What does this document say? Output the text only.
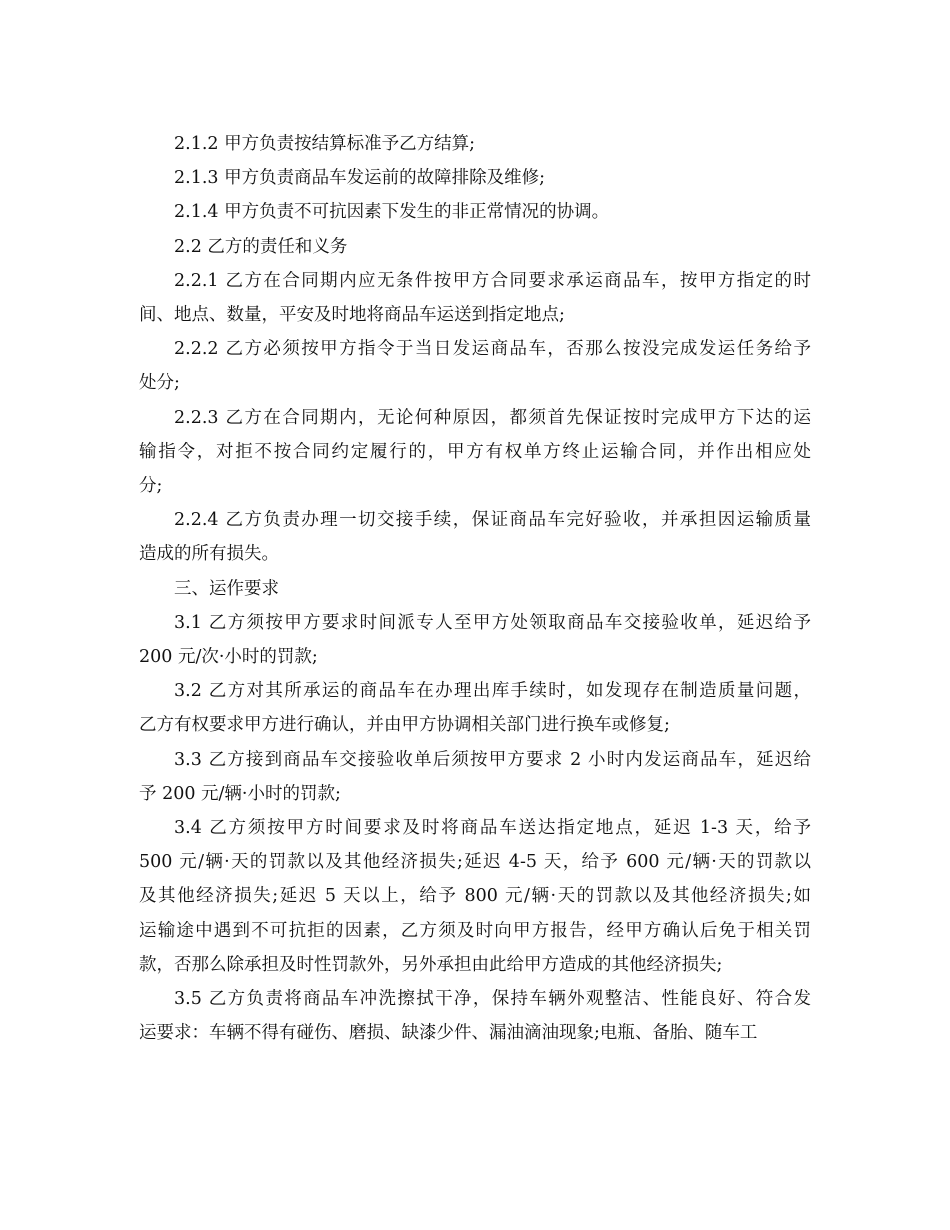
2.1.2 甲方负责按结算标准予乙方结算;
2.1.3 甲方负责商品车发运前的故障排除及维修;
2.1.4 甲方负责不可抗因素下发生的非正常情况的协调。
2.2 乙方的责任和义务
2.2.1 乙方在合同期内应无条件按甲方合同要求承运商品车，按甲方指定的时
间、地点、数量，平安及时地将商品车运送到指定地点;
2.2.2 乙方必须按甲方指令于当日发运商品车，否那么按没完成发运任务给予
处分;
2.2.3 乙方在合同期内，无论何种原因，都须首先保证按时完成甲方下达的运
输指令，对拒不按合同约定履行的，甲方有权单方终止运输合同，并作出相应处
分;
2.2.4 乙方负责办理一切交接手续，保证商品车完好验收，并承担因运输质量
造成的所有损失。
三、运作要求
3.1 乙方须按甲方要求时间派专人至甲方处领取商品车交接验收单，延迟给予
200 元/次·小时的罚款;
3.2 乙方对其所承运的商品车在办理出库手续时，如发现存在制造质量问题，
乙方有权要求甲方进行确认，并由甲方协调相关部门进行换车或修复;
3.3 乙方接到商品车交接验收单后须按甲方要求 2 小时内发运商品车，延迟给
予 200 元/辆·小时的罚款;
3.4 乙方须按甲方时间要求及时将商品车送达指定地点，延迟 1-3 天，给予
500 元/辆·天的罚款以及其他经济损失;延迟 4-5 天，给予 600 元/辆·天的罚款以
及其他经济损失;延迟 5 天以上，给予 800 元/辆·天的罚款以及其他经济损失;如
运输途中遇到不可抗拒的因素，乙方须及时向甲方报告，经甲方确认后免于相关罚
款，否那么除承担及时性罚款外，另外承担由此给甲方造成的其他经济损失;
3.5 乙方负责将商品车冲洗擦拭干净，保持车辆外观整洁、性能良好、符合发
运要求：车辆不得有碰伤、磨损、缺漆少件、漏油滴油现象;电瓶、备胎、随车工
